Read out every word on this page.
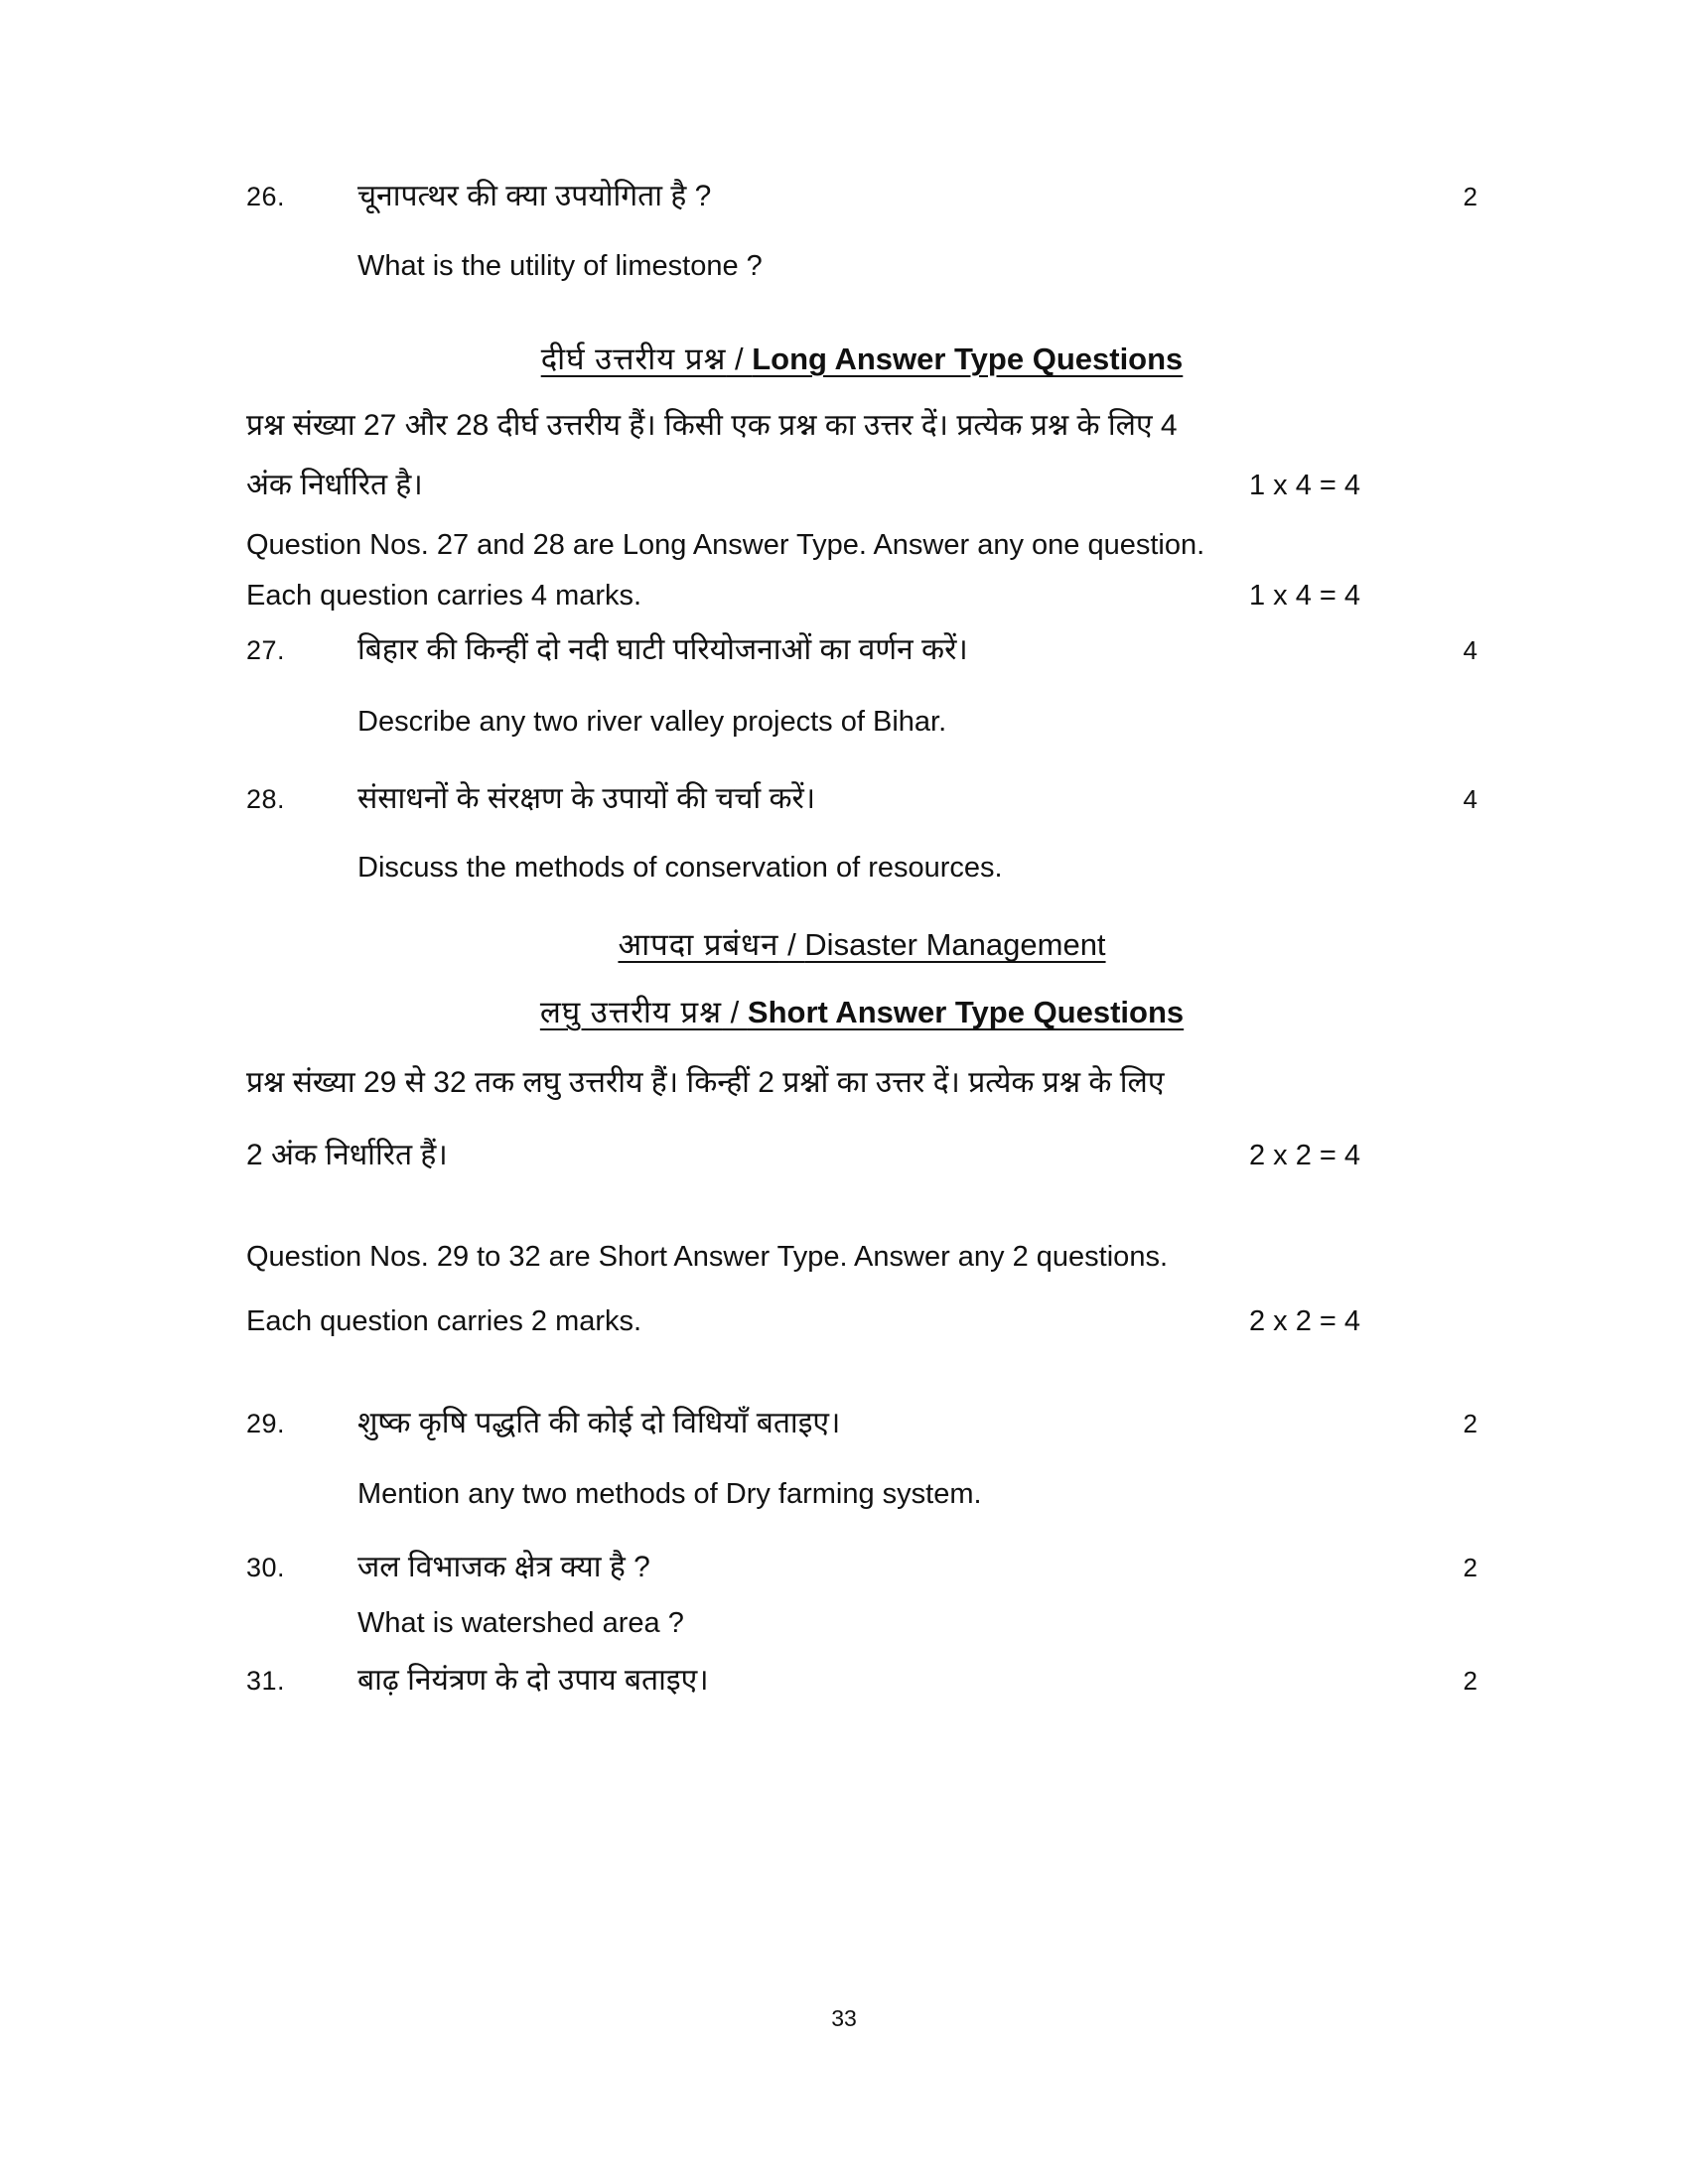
26.	चूनापत्थर की क्या उपयोगिता है ?	2
What is the utility of limestone ?
दीर्घ उत्तरीय प्रश्न / Long Answer Type Questions
प्रश्न संख्या 27 और 28 दीर्घ उत्तरीय हैं। किसी एक प्रश्न का उत्तर दें। प्रत्येक प्रश्न के लिए 4
अंक निर्धारित है।	1 x 4 = 4
Question Nos. 27 and 28 are Long Answer Type. Answer any one question.
Each question carries 4 marks.	1 x 4 = 4
27.	बिहार की किन्हीं दो नदी घाटी परियोजनाओं का वर्णन करें।	4
Describe any two river valley projects of Bihar.
28.	संसाधनों के संरक्षण के उपायों की चर्चा करें।	4
Discuss the methods of conservation of resources.
आपदा प्रबंधन / Disaster Management
लघु उत्तरीय प्रश्न / Short Answer Type Questions
प्रश्न संख्या 29 से 32 तक लघु उत्तरीय हैं। किन्हीं 2 प्रश्नों का उत्तर दें। प्रत्येक प्रश्न के लिए
2 अंक निर्धारित हैं।	2 x 2 = 4
Question Nos. 29 to 32 are Short Answer Type. Answer any 2 questions.
Each question carries 2 marks.	2 x 2 = 4
29.	शुष्क कृषि पद्धति की कोई दो विधियाँ बताइए।	2
Mention any two methods of Dry farming system.
30.	जल विभाजक क्षेत्र क्या है ?	2
What is watershed area ?
31.	बाढ़ नियंत्रण के दो उपाय बताइए।	2
33
